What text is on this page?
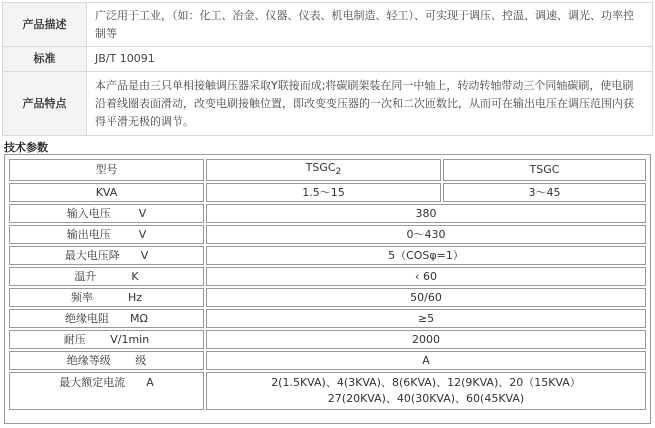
产品描述	广泛用于工业，（如：化工、冶金、仪器、仪表、机电制造、轻工）、可实现于调压、控温、调速、调光、功率控制等
标准	JB/T 10091
产品特点	本产品是由三只单相接触调压器采取Y联接而成;将碳刷架装在同一中轴上，转动转轴带动三个同轴碳刷，使电刷沿着线圈表面滑动，改变电刷接触位置，即改变变压器的一次和二次匝数比，从而可在输出电压在调压范围内获得平滑无极的调节。
技术参数
型号	$TSGC_2$	TSGC
KVA	1.5～15	3～45
输入电压        V	380	
输出电压        V	0～430	
最大电压降      V	5（COSφ=1）	
温升          K	‹ 60	
频率          Hz	50/60	
绝缘电阻      MΩ	≥5	
耐压       V/1min	2000	
绝缘等级       级	A	
最大额定电流      A	2(1.5KVA)、4(3KVA)、8(6KVA)、12(9KVA)、20（15KVA）
27(20KVA)、40(30KVA)、60(45KVA)	
